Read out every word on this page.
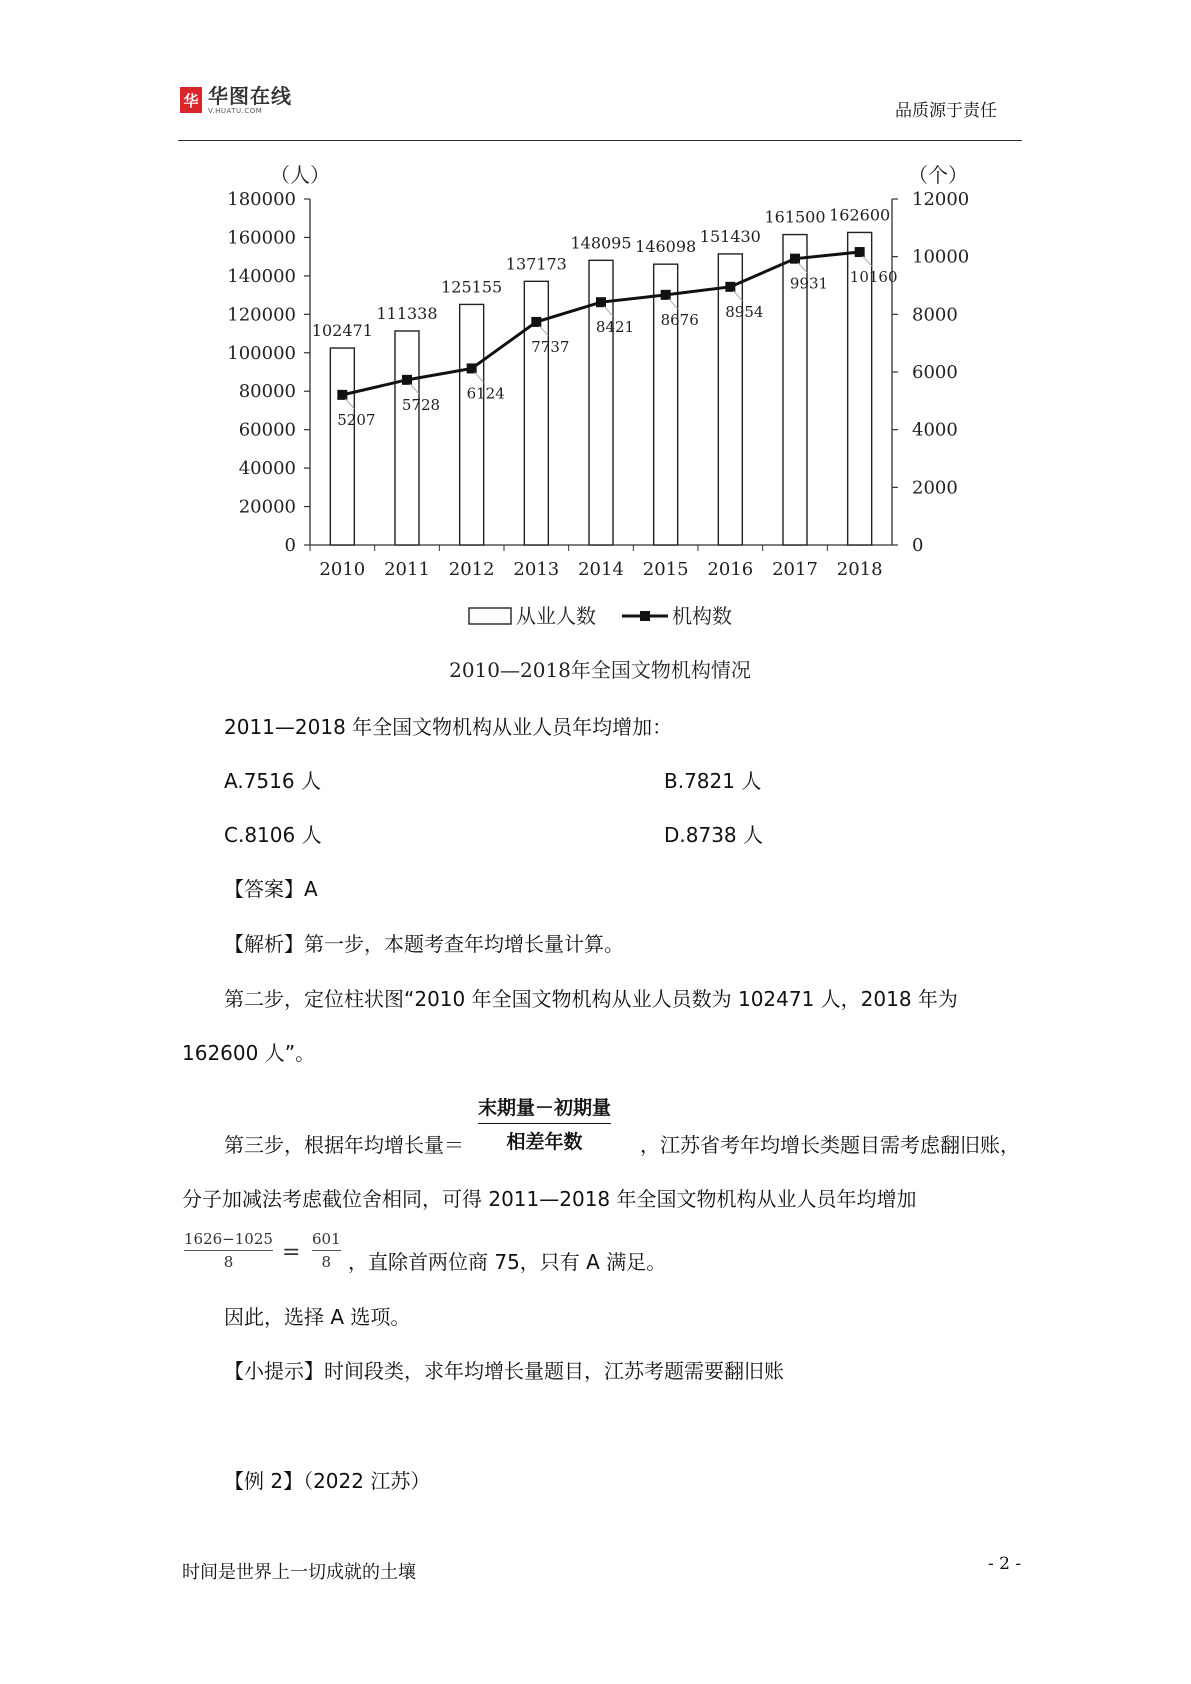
华 华图在线
V.HUATU.COM	品质源于责任
0
20000
40000
60000
80000
100000
120000
140000
160000
180000
0
2000
4000
6000
8000
10000
12000
（人）	（个）
102471
111338
125155
137173
148095 146098
151430
161500 162600
2010 2011 2012 2013 2014 2015 2016 2017 2018
5207
5728
6124
7737
8421 8676 8954
9931 10160
从业人数	机构数
2010—2018年全国文物机构情况
2011—2018 年全国文物机构从业人员年均增加：
A.7516 人	B.7821 人
C.8106 人	D.8738 人
【答案】A
【解析】第一步，本题考查年均增长量计算。
第二步，定位柱状图“2010 年全国文物机构从业人员数为 102471 人，2018 年为
162600 人”。
第三步，根据年均增长量＝
末期量－初期量
相差年数	，江苏省考年均增长类题目需考虑翻旧账，
分子加减法考虑截位舍相同，可得 2011—2018 年全国文物机构从业人员年均增加
1626−1025
8	=
601
8 ，直除首两位商 75，只有 A 满足。
因此，选择 A 选项。
【小提示】时间段类，求年均增长量题目，江苏考题需要翻旧账
【例 2】（2022 江苏）
时间是世界上一切成就的土壤	- 2 -
